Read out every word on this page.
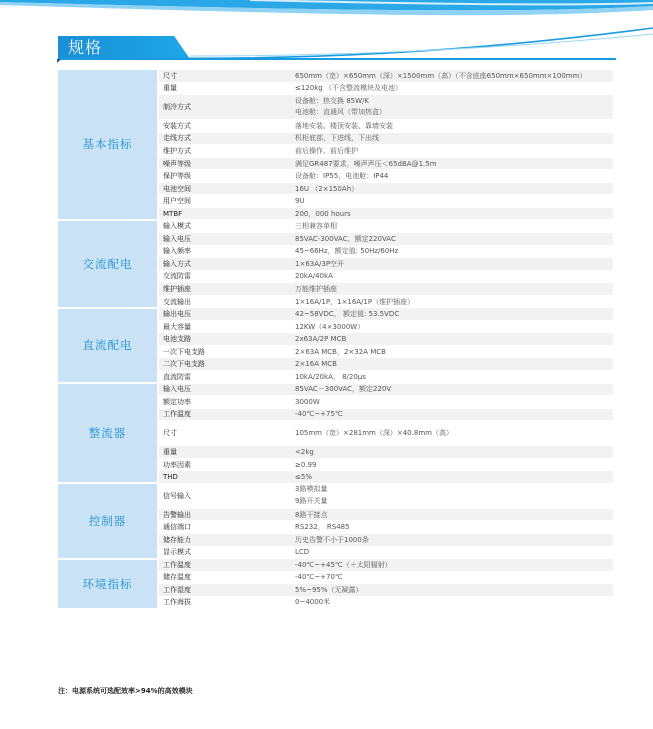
规格
基本指标	尺寸	650mm（宽）×650mm（深）×1500mm（高）（不含底座650mm×650mm×100mm）
	重量	≤120kg （不含整流模块及电池）
	制冷方式	设备舱：热交换 85W/K
电池舱：直通风（带加热盒）

	安装方式	落地安装、楼顶安装、靠墙安装
	走线方式	机柜底部，下进线，下出线
	维护方式	前后操作、前后维护
	噪声等级	满足GR487要求，噪声声压＜65dBA@1.5m
	保护等级	设备舱：IP55，电池舱：IP44
	电池空间	16U （2×150Ah）
	用户空间	9U
	MTBF	200，000 hours
交流配电	输入模式	三相兼容单相
	输入电压	85VAC-300VAC，额定220VAC
	输入频率	45~66Hz，额定值: 50Hz/60Hz
	输入方式	1×63A/3P空开
	交流防雷	20kA/40kA
	维护插座	万能维护插座
	交流输出	1×16A/1P，1×16A/1P（维护插座）
直流配电	输出电压	42~58VDC， 额定值: 53.5VDC
	最大容量	12KW（4×3000W）
	电池支路	2x63A/2P MCB
	一次下电支路	2×63A MCB，2×32A MCB
	二次下电支路	2×16A MCB
	直流防雷	10kA/20kA， 8/20μs
整流器	输入电压	85VAC－300VAC，额定220V
	额定功率	3000W
	工作温度	-40℃~+75℃
	尺寸	105mm（宽）×281mm（深）×40.8mm（高）
	重量	<2kg
	功率因素	≥0.99
	THD	≤5%
控制器	信号输入	3路模拟量
9路开关量

	告警输出	8路干接点
	通信端口	RS232， RS485
	储存能力	历史告警不小于1000条
	显示模式	LCD
环境指标	工作温度	-40℃~+45℃（＋太阳辐射）
	储存温度	-40℃~+70℃
	工作湿度	5%~95%（无凝露）
	工作海拔	0~4000米
注：电源系统可选配效率>94%的高效模块
